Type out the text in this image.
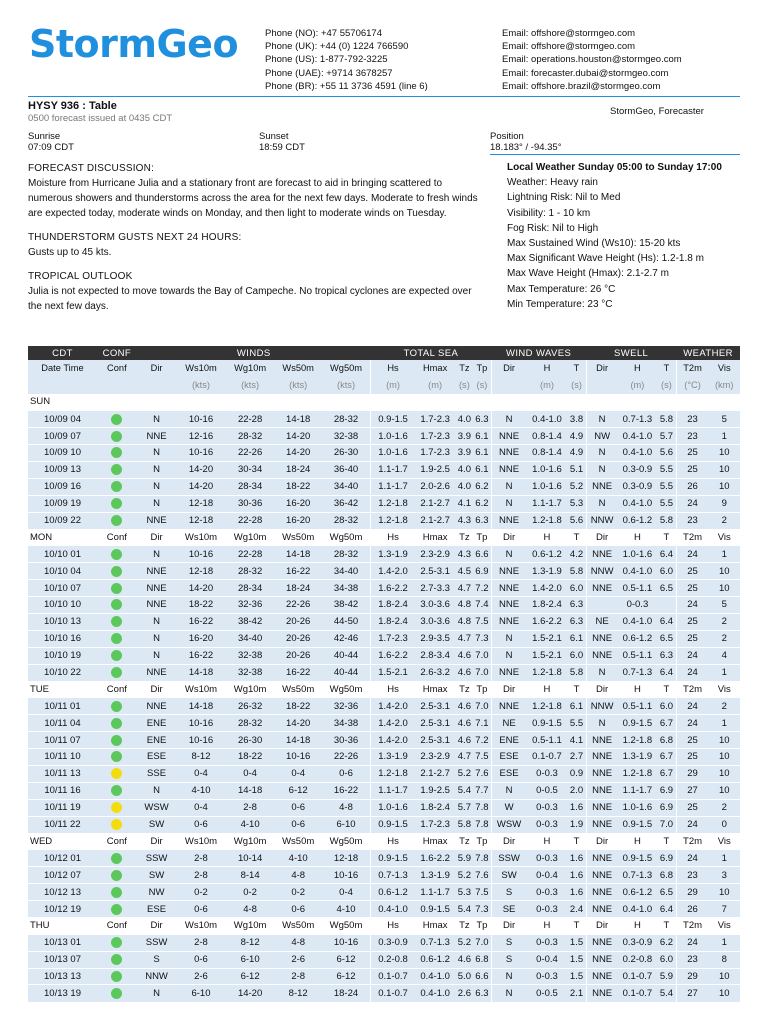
StormGeo	Phone (NO): +47 55706174
Phone (UK): +44 (0) 1224 766590
Phone (US): 1-877-792-3225
Phone (UAE): +9714 3678257
Phone (BR): +55 11 3736 4591 (line 6)
Email: offshore@stormgeo.com
Email: offshore@stormgeo.com
Email: operations.houston@stormgeo.com
Email: forecaster.dubai@stormgeo.com
Email: offshore.brazil@stormgeo.com
HYSY 936 : Table
0500 forecast issued at 0435 CDT
StormGeo, Forecaster
Sunrise
07:09 CDT
Sunset
18:59 CDT
Position
18.183° / -94.35°
FORECAST DISCUSSION:
Moisture from Hurricane Julia and a stationary front are forecast to aid in bringing scattered to numerous showers and thunderstorms across the area for the next few days. Moderate to fresh winds are expected today, moderate winds on Monday, and then light to moderate winds on Tuesday.
THUNDERSTORM GUSTS NEXT 24 HOURS:
Gusts up to 45 kts.
TROPICAL OUTLOOK
Julia is not expected to move towards the Bay of Campeche. No tropical cyclones are expected over the next few days.
Local Weather Sunday 05:00 to Sunday 17:00
Weather: Heavy rain
Lightning Risk: Nil to Med
Visibility: 1 - 10 km
Fog Risk: Nil to High
Max Sustained Wind (Ws10): 15-20 kts
Max Significant Wave Height (Hs): 1.2-1.8 m
Max Wave Height (Hmax): 2.1-2.7 m
Max Temperature: 26 °C
Min Temperature: 23 °C
CDT	CONF	WINDS					TOTAL SEA				WIND WAVES			SWELL			WEATHER	
Date Time	Conf	Dir	Ws10m	Wg10m	Ws50m	Wg50m	Hs	Hmax	Tz	Tp	Dir	H	T	Dir	H	T	T2m	Vis
			(kts)	(kts)	(kts)	(kts)	(m)	(m)	(s)	(s)		(m)	(s)		(m)	(s)	(°C)	(km)
SUN																		
10/09 04		N	10-16	22-28	14-18	28-32	0.9-1.5	1.7-2.3	4.0	6.3	N	0.4-1.0	3.8	N	0.7-1.3	5.8	23	5
10/09 07		NNE	12-16	28-32	14-20	32-38	1.0-1.6	1.7-2.3	3.9	6.1	NNE	0.8-1.4	4.9	NW	0.4-1.0	5.7	23	1
10/09 10		N	10-16	22-26	14-20	26-30	1.0-1.6	1.7-2.3	3.9	6.1	NNE	0.8-1.4	4.9	N	0.4-1.0	5.6	25	10
10/09 13		N	14-20	30-34	18-24	36-40	1.1-1.7	1.9-2.5	4.0	6.1	NNE	1.0-1.6	5.1	N	0.3-0.9	5.5	25	10
10/09 16		N	14-20	28-34	18-22	34-40	1.1-1.7	2.0-2.6	4.0	6.2	N	1.0-1.6	5.2	NNE	0.3-0.9	5.5	26	10
10/09 19		N	12-18	30-36	16-20	36-42	1.2-1.8	2.1-2.7	4.1	6.2	N	1.1-1.7	5.3	N	0.4-1.0	5.5	24	9
10/09 22		NNE	12-18	22-28	16-20	28-32	1.2-1.8	2.1-2.7	4.3	6.3	NNE	1.2-1.8	5.6	NNW	0.6-1.2	5.8	23	2
MON	Conf	Dir	Ws10m	Wg10m	Ws50m	Wg50m	Hs	Hmax	Tz	Tp	Dir	H	T	Dir	H	T	T2m	Vis
10/10 01		N	10-16	22-28	14-18	28-32	1.3-1.9	2.3-2.9	4.3	6.6	N	0.6-1.2	4.2	NNE	1.0-1.6	6.4	24	1
10/10 04		NNE	12-18	28-32	16-22	34-40	1.4-2.0	2.5-3.1	4.5	6.9	NNE	1.3-1.9	5.8	NNW	0.4-1.0	6.0	25	10
10/10 07		NNE	14-20	28-34	18-24	34-38	1.6-2.2	2.7-3.3	4.7	7.2	NNE	1.4-2.0	6.0	NNE	0.5-1.1	6.5	25	10
10/10 10		NNE	18-22	32-36	22-26	38-42	1.8-2.4	3.0-3.6	4.8	7.4	NNE	1.8-2.4	6.3		0-0.3		24	5
10/10 13		N	16-22	38-42	20-26	44-50	1.8-2.4	3.0-3.6	4.8	7.5	NNE	1.6-2.2	6.3	NE	0.4-1.0	6.4	25	2
10/10 16		N	16-20	34-40	20-26	42-46	1.7-2.3	2.9-3.5	4.7	7.3	N	1.5-2.1	6.1	NNE	0.6-1.2	6.5	25	2
10/10 19		N	16-22	32-38	20-26	40-44	1.6-2.2	2.8-3.4	4.6	7.0	N	1.5-2.1	6.0	NNE	0.5-1.1	6.3	24	4
10/10 22		NNE	14-18	32-38	16-22	40-44	1.5-2.1	2.6-3.2	4.6	7.0	NNE	1.2-1.8	5.8	N	0.7-1.3	6.4	24	1
TUE	Conf	Dir	Ws10m	Wg10m	Ws50m	Wg50m	Hs	Hmax	Tz	Tp	Dir	H	T	Dir	H	T	T2m	Vis
10/11 01		NNE	14-18	26-32	18-22	32-36	1.4-2.0	2.5-3.1	4.6	7.0	NNE	1.2-1.8	6.1	NNW	0.5-1.1	6.0	24	2
10/11 04		ENE	10-16	28-32	14-20	34-38	1.4-2.0	2.5-3.1	4.6	7.1	NE	0.9-1.5	5.5	N	0.9-1.5	6.7	24	1
10/11 07		ENE	10-16	26-30	14-18	30-36	1.4-2.0	2.5-3.1	4.6	7.2	ENE	0.5-1.1	4.1	NNE	1.2-1.8	6.8	25	10
10/11 10		ESE	8-12	18-22	10-16	22-26	1.3-1.9	2.3-2.9	4.7	7.5	ESE	0.1-0.7	2.7	NNE	1.3-1.9	6.7	25	10
10/11 13		SSE	0-4	0-4	0-4	0-6	1.2-1.8	2.1-2.7	5.2	7.6	ESE	0-0.3	0.9	NNE	1.2-1.8	6.7	29	10
10/11 16		N	4-10	14-18	6-12	16-22	1.1-1.7	1.9-2.5	5.4	7.7	N	0-0.5	2.0	NNE	1.1-1.7	6.9	27	10
10/11 19		WSW	0-4	2-8	0-6	4-8	1.0-1.6	1.8-2.4	5.7	7.8	W	0-0.3	1.6	NNE	1.0-1.6	6.9	25	2
10/11 22		SW	0-6	4-10	0-6	6-10	0.9-1.5	1.7-2.3	5.8	7.8	WSW	0-0.3	1.9	NNE	0.9-1.5	7.0	24	0
WED	Conf	Dir	Ws10m	Wg10m	Ws50m	Wg50m	Hs	Hmax	Tz	Tp	Dir	H	T	Dir	H	T	T2m	Vis
10/12 01		SSW	2-8	10-14	4-10	12-18	0.9-1.5	1.6-2.2	5.9	7.8	SSW	0-0.3	1.6	NNE	0.9-1.5	6.9	24	1
10/12 07		SW	2-8	8-14	4-8	10-16	0.7-1.3	1.3-1.9	5.2	7.6	SW	0-0.4	1.6	NNE	0.7-1.3	6.8	23	3
10/12 13		NW	0-2	0-2	0-2	0-4	0.6-1.2	1.1-1.7	5.3	7.5	S	0-0.3	1.6	NNE	0.6-1.2	6.5	29	10
10/12 19		ESE	0-6	4-8	0-6	4-10	0.4-1.0	0.9-1.5	5.4	7.3	SE	0-0.3	2.4	NNE	0.4-1.0	6.4	26	7
THU	Conf	Dir	Ws10m	Wg10m	Ws50m	Wg50m	Hs	Hmax	Tz	Tp	Dir	H	T	Dir	H	T	T2m	Vis
10/13 01		SSW	2-8	8-12	4-8	10-16	0.3-0.9	0.7-1.3	5.2	7.0	S	0-0.3	1.5	NNE	0.3-0.9	6.2	24	1
10/13 07		S	0-6	6-10	2-6	6-12	0.2-0.8	0.6-1.2	4.6	6.8	S	0-0.4	1.5	NNE	0.2-0.8	6.0	23	8
10/13 13		NNW	2-6	6-12	2-8	6-12	0.1-0.7	0.4-1.0	5.0	6.6	N	0-0.3	1.5	NNE	0.1-0.7	5.9	29	10
10/13 19		N	6-10	14-20	8-12	18-24	0.1-0.7	0.4-1.0	2.6	6.3	N	0-0.5	2.1	NNE	0.1-0.7	5.4	27	10
